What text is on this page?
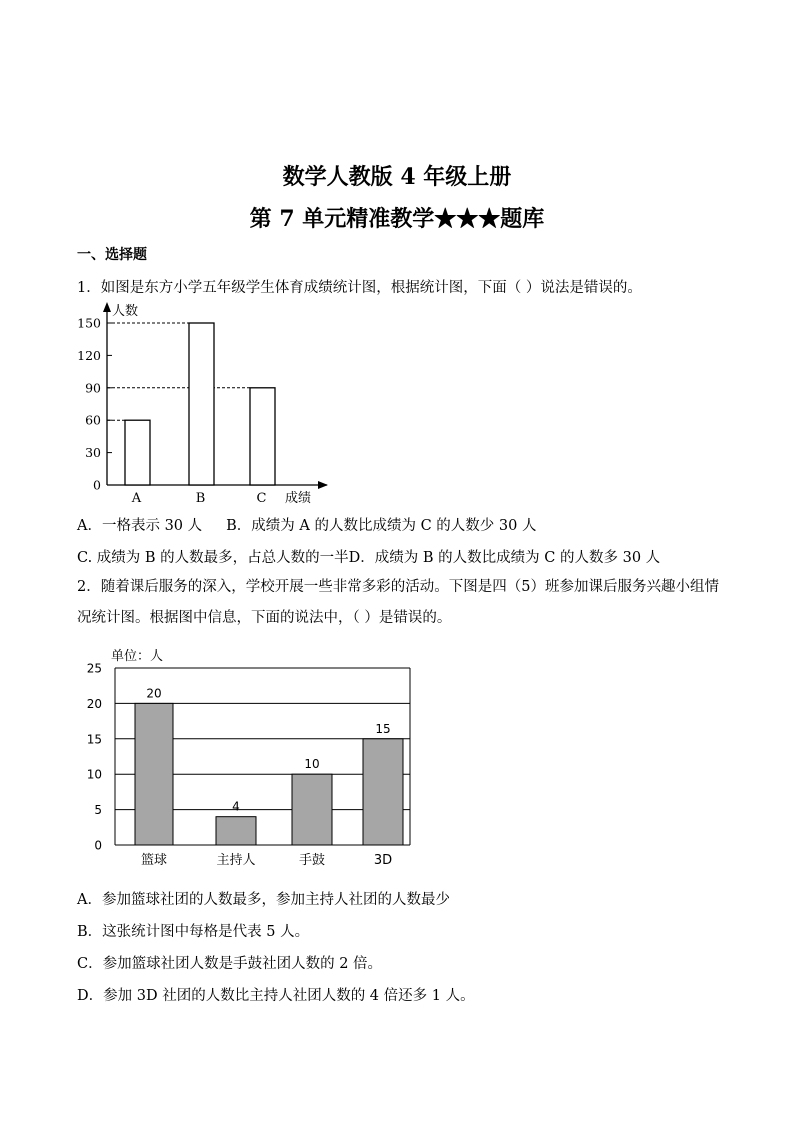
数学人教版 4 年级上册
第 7 单元精准教学★★★题库
一、选择题
1．如图是东方小学五年级学生体育成绩统计图，根据统计图，下面（ ）说法是错误的。
人数
成绩
0
30
60
90
120
150
A	B	C
A．一格表示 30 人 B．成绩为 A 的人数比成绩为 C 的人数少 30 人
C. 成绩为 B 的人数最多，占总人数的一半D．成绩为 B 的人数比成绩为 C 的人数多 30 人
2．随着课后服务的深入，学校开展一些非常多彩的活动。下图是四（5）班参加课后服务兴趣小组情况统计图。根据图中信息，下面的说法中，（ ）是错误的。
单位：人
0
5
10
15
20
25
20
篮球
4
主持人
10
手鼓
15
3D
A．参加篮球社团的人数最多，参加主持人社团的人数最少
B．这张统计图中每格是代表 5 人。
C．参加篮球社团人数是手鼓社团人数的 2 倍。
D．参加 3D 社团的人数比主持人社团人数的 4 倍还多 1 人。
